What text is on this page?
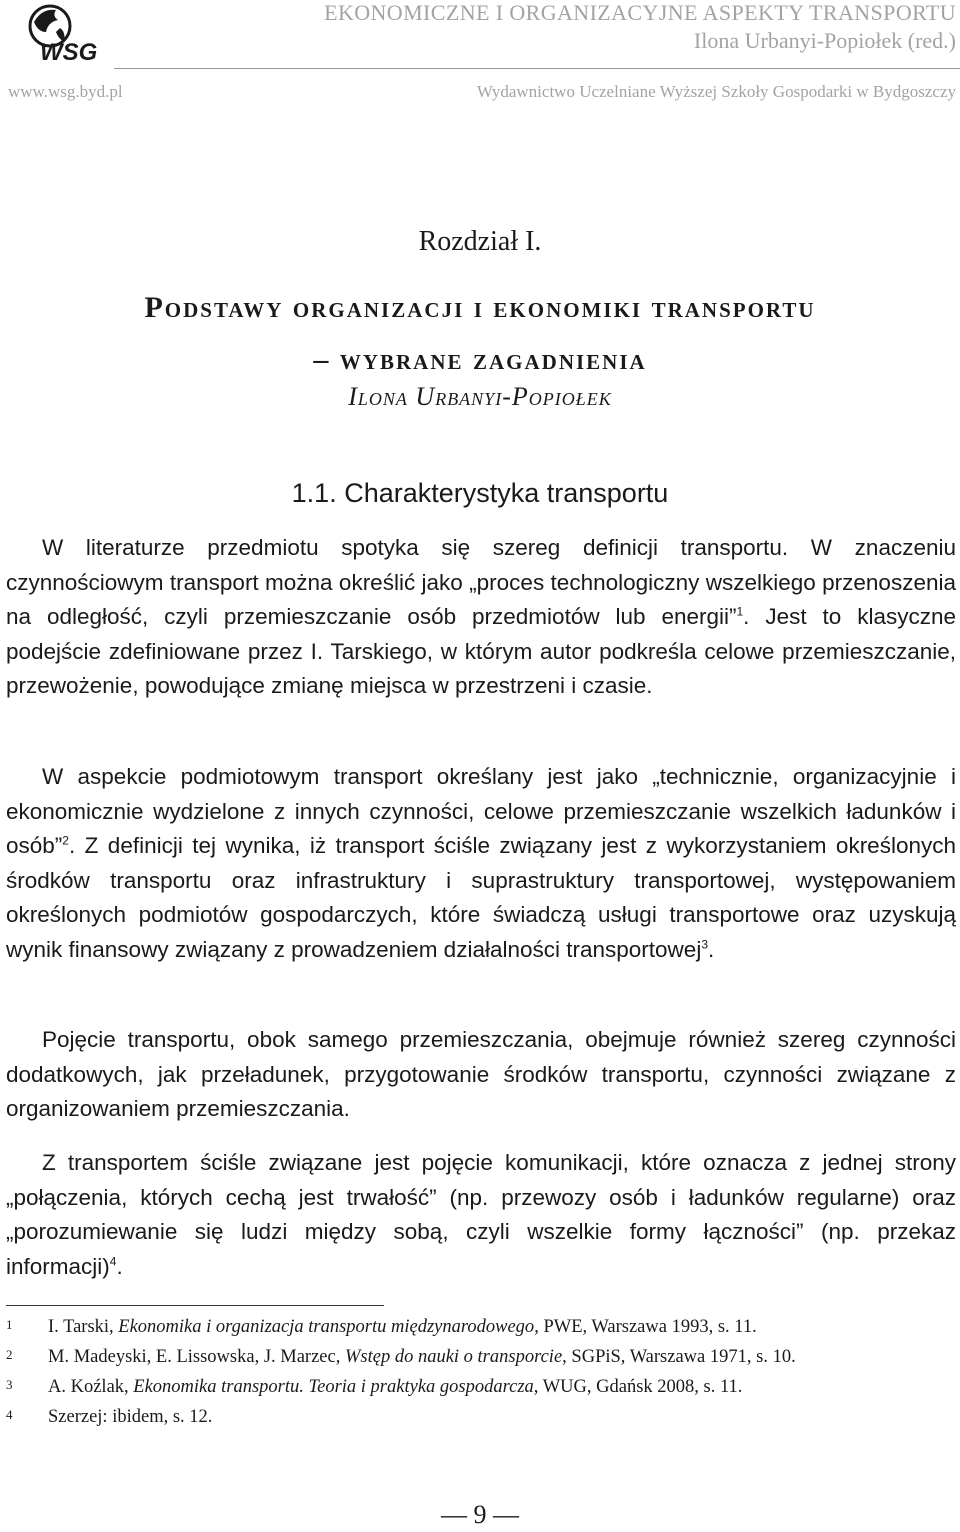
WSG
EKONOMICZNE I ORGANIZACYJNE ASPEKTY TRANSPORTU
Ilona Urbanyi-Popiołek (red.)
www.wsg.byd.pl	Wydawnictwo Uczelniane Wyższej Szkoły Gospodarki w Bydgoszczy
Rozdział I.
Podstawy organizacji i ekonomiki transportu
– wybrane zagadnienia
Ilona Urbanyi-Popiołek
1.1. Charakterystyka transportu

W literaturze przedmiotu spotyka się szereg definicji transportu. W znaczeniu czynnościowym transport można określić jako „proces technologiczny wszelkiego przenoszenia na odległość, czyli przemieszczanie osób przedmiotów lub energii”$^1$. Jest to klasyczne podejście zdefiniowane przez I. Tarskiego, w którym autor podkreśla celowe przemieszczanie, przewożenie, powodujące zmianę miejsca w przestrzeni i czasie.

W aspekcie podmiotowym transport określany jest jako „technicznie, organizacyjnie i ekonomicznie wydzielone z innych czynności, celowe przemieszczanie wszelkich ładunków i osób”$^2$. Z definicji tej wynika, iż transport ściśle związany jest z wykorzystaniem określonych środków transportu oraz infrastruktury i suprastruktury transportowej, występowaniem określonych podmiotów gospodarczych, które świadczą usługi transportowe oraz uzyskują wynik finansowy związany z prowadzeniem działalności transportowej$^3$.

Pojęcie transportu, obok samego przemieszczania, obejmuje również szereg czynności dodatkowych, jak przeładunek, przygotowanie środków transportu, czynności związane z organizowaniem przemieszczania.

Z transportem ściśle związane jest pojęcie komunikacji, które oznacza z jednej strony „połączenia, których cechą jest trwałość” (np. przewozy osób i ładunków regularne) oraz „porozumiewanie się ludzi między sobą, czyli wszelkie formy łączności” (np. przekaz informacji)$^4$.

1 I. Tarski, Ekonomika i organizacja transportu międzynarodowego, PWE, Warszawa 1993, s. 11.

2 M. Madeyski, E. Lissowska, J. Marzec, Wstęp do nauki o transporcie, SGPiS, Warszawa 1971, s. 10.

3 A. Koźlak, Ekonomika transportu. Teoria i praktyka gospodarcza, WUG, Gdańsk 2008, s. 11.

4 Szerzej: ibidem, s. 12.

— 9 —
